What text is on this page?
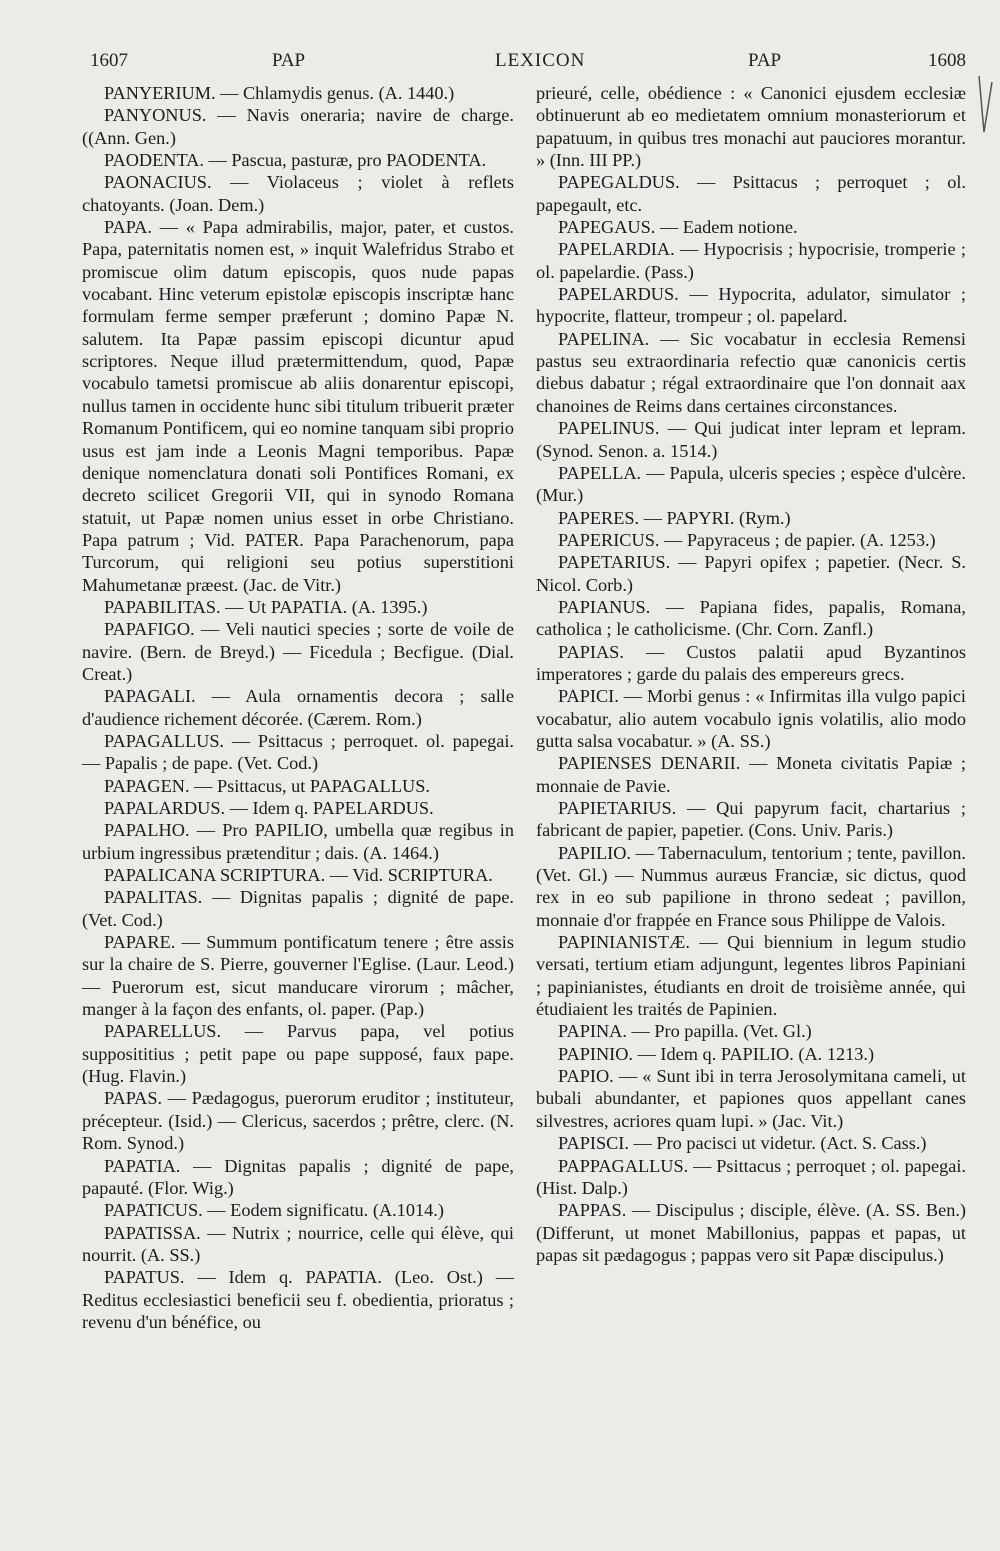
1607	PAP	LEXICON	PAP	1608
PANYERIUM. — Chlamydis genus. (A. 1440.)
PANYONUS. — Navis oneraria; navire de charge. ((Ann. Gen.)
PAODENTA. — Pascua, pasturæ, pro PAODENTA.
PAONACIUS. — Violaceus ; violet à reflets chatoyants. (Joan. Dem.)
PAPA. — « Papa admirabilis, major, pater, et custos. Papa, paternitatis nomen est, » inquit Walefridus Strabo et promiscue olim datum episcopis, quos nude papas vocabant. Hinc veterum epistolæ episcopis inscriptæ hanc formulam ferme semper præferunt ; domino Papæ N. salutem. Ita Papæ passim episcopi dicuntur apud scriptores. Neque illud prætermittendum, quod, Papæ vocabulo tametsi promiscue ab aliis donarentur episcopi, nullus tamen in occidente hunc sibi titulum tribuerit præter Romanum Pontificem, qui eo nomine tanquam sibi proprio usus est jam inde a Leonis Magni temporibus. Papæ denique nomenclatura donati soli Pontifices Romani, ex decreto scilicet Gregorii VII, qui in synodo Romana statuit, ut Papæ nomen unius esset in orbe Christiano. Papa patrum ; Vid. PATER. Papa Parachenorum, papa Turcorum, qui religioni seu potius superstitioni Mahumetanæ præest. (Jac. de Vitr.)
PAPABILITAS. — Ut PAPATIA. (A. 1395.)
PAPAFIGO. — Veli nautici species ; sorte de voile de navire. (Bern. de Breyd.) — Ficedula ; Becfigue. (Dial. Creat.)
PAPAGALI. — Aula ornamentis decora ; salle d'audience richement décorée. (Cærem. Rom.)
PAPAGALLUS. — Psittacus ; perroquet. ol. papegai. — Papalis ; de pape. (Vet. Cod.)
PAPAGEN. — Psittacus, ut PAPAGALLUS.
PAPALARDUS. — Idem q. PAPELARDUS.
PAPALHO. — Pro PAPILIO, umbella quæ regibus in urbium ingressibus prætenditur ; dais. (A. 1464.)
PAPALICANA SCRIPTURA. — Vid. SCRIPTURA.
PAPALITAS. — Dignitas papalis ; dignité de pape. (Vet. Cod.)
PAPARE. — Summum pontificatum tenere ; être assis sur la chaire de S. Pierre, gouverner l'Eglise. (Laur. Leod.) — Puerorum est, sicut manducare virorum ; mâcher, manger à la façon des enfants, ol. paper. (Pap.)
PAPARELLUS. — Parvus papa, vel potius supposititius ; petit pape ou pape supposé, faux pape. (Hug. Flavin.)
PAPAS. — Pædagogus, puerorum eruditor ; instituteur, précepteur. (Isid.) — Clericus, sacerdos ; prêtre, clerc. (N. Rom. Synod.)
PAPATIA. — Dignitas papalis ; dignité de pape, papauté. (Flor. Wig.)
PAPATICUS. — Eodem significatu. (A.1014.)
PAPATISSA. — Nutrix ; nourrice, celle qui élève, qui nourrit. (A. SS.)
PAPATUS. — Idem q. PAPATIA. (Leo. Ost.) — Reditus ecclesiastici beneficii seu f. obedientia, prioratus ; revenu d'un bénéfice, ou
prieuré, celle, obédience : « Canonici ejusdem ecclesiæ obtinuerunt ab eo medietatem omnium monasteriorum et papatuum, in quibus tres monachi aut pauciores morantur. » (Inn. III PP.)
PAPEGALDUS. — Psittacus ; perroquet ; ol. papegault, etc.
PAPEGAUS. — Eadem notione.
PAPELARDIA. — Hypocrisis ; hypocrisie, tromperie ; ol. papelardie. (Pass.)
PAPELARDUS. — Hypocrita, adulator, simulator ; hypocrite, flatteur, trompeur ; ol. papelard.
PAPELINA. — Sic vocabatur in ecclesia Remensi pastus seu extraordinaria refectio quæ canonicis certis diebus dabatur ; régal extraordinaire que l'on donnait aax chanoines de Reims dans certaines circonstances.
PAPELINUS. — Qui judicat inter lepram et lepram. (Synod. Senon. a. 1514.)
PAPELLA. — Papula, ulceris species ; espèce d'ulcère. (Mur.)
PAPERES. — PAPYRI. (Rym.)
PAPERICUS. — Papyraceus ; de papier. (A. 1253.)
PAPETARIUS. — Papyri opifex ; papetier. (Necr. S. Nicol. Corb.)
PAPIANUS. — Papiana fides, papalis, Romana, catholica ; le catholicisme. (Chr. Corn. Zanfl.)
PAPIAS. — Custos palatii apud Byzantinos imperatores ; garde du palais des empereurs grecs.
PAPICI. — Morbi genus : « Infirmitas illa vulgo papici vocabatur, alio autem vocabulo ignis volatilis, alio modo gutta salsa vocabatur. » (A. SS.)
PAPIENSES DENARII. — Moneta civitatis Papiæ ; monnaie de Pavie.
PAPIETARIUS. — Qui papyrum facit, chartarius ; fabricant de papier, papetier. (Cons. Univ. Paris.)
PAPILIO. — Tabernaculum, tentorium ; tente, pavillon. (Vet. Gl.) — Nummus auræus Franciæ, sic dictus, quod rex in eo sub papilione in throno sedeat ; pavillon, monnaie d'or frappée en France sous Philippe de Valois.
PAPINIANISTÆ. — Qui biennium in legum studio versati, tertium etiam adjungunt, legentes libros Papiniani ; papinianistes, étudiants en droit de troisième année, qui étudiaient les traités de Papinien.
PAPINA. — Pro papilla. (Vet. Gl.)
PAPINIO. — Idem q. PAPILIO. (A. 1213.)
PAPIO. — « Sunt ibi in terra Jerosolymitana cameli, ut bubali abundanter, et papiones quos appellant canes silvestres, acriores quam lupi. » (Jac. Vit.)
PAPISCI. — Pro pacisci ut videtur. (Act. S. Cass.)
PAPPAGALLUS. — Psittacus ; perroquet ; ol. papegai. (Hist. Dalp.)
PAPPAS. — Discipulus ; disciple, élève. (A. SS. Ben.) (Differunt, ut monet Mabillonius, pappas et papas, ut papas sit pædagogus ; pappas vero sit Papæ discipulus.)
